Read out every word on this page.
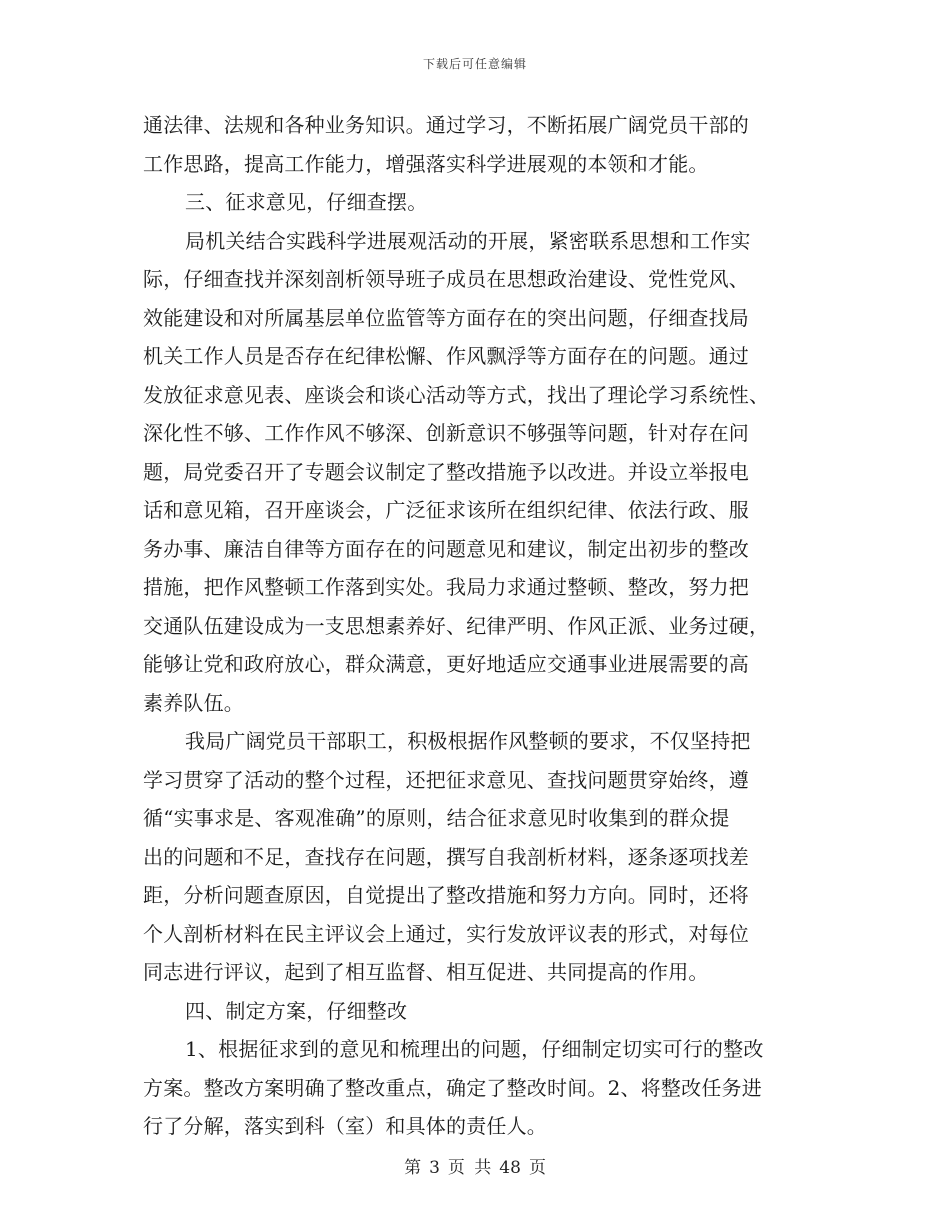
下载后可任意编辑
通法律、法规和各种业务知识。通过学习，不断拓展广阔党员干部的
工作思路，提高工作能力，增强落实科学进展观的本领和才能。
三、征求意见，仔细查摆。
局机关结合实践科学进展观活动的开展，紧密联系思想和工作实
际，仔细查找并深刻剖析领导班子成员在思想政治建设、党性党风、
效能建设和对所属基层单位监管等方面存在的突出问题，仔细查找局
机关工作人员是否存在纪律松懈、作风飘浮等方面存在的问题。通过
发放征求意见表、座谈会和谈心活动等方式，找出了理论学习系统性、
深化性不够、工作作风不够深、创新意识不够强等问题，针对存在问
题，局党委召开了专题会议制定了整改措施予以改进。并设立举报电
话和意见箱，召开座谈会，广泛征求该所在组织纪律、依法行政、服
务办事、廉洁自律等方面存在的问题意见和建议，制定出初步的整改
措施，把作风整顿工作落到实处。我局力求通过整顿、整改，努力把
交通队伍建设成为一支思想素养好、纪律严明、作风正派、业务过硬，
能够让党和政府放心，群众满意，更好地适应交通事业进展需要的高
素养队伍。
我局广阔党员干部职工，积极根据作风整顿的要求，不仅坚持把
学习贯穿了活动的整个过程，还把征求意见、查找问题贯穿始终，遵
循“实事求是、客观准确”的原则，结合征求意见时收集到的群众提
出的问题和不足，查找存在问题，撰写自我剖析材料，逐条逐项找差
距，分析问题查原因，自觉提出了整改措施和努力方向。同时，还将
个人剖析材料在民主评议会上通过，实行发放评议表的形式，对每位
同志进行评议，起到了相互监督、相互促进、共同提高的作用。
四、制定方案，仔细整改
1、根据征求到的意见和梳理出的问题，仔细制定切实可行的整改
方案。整改方案明确了整改重点，确定了整改时间。2、将整改任务进
行了分解，落实到科（室）和具体的责任人。
第 3 页 共 48 页
